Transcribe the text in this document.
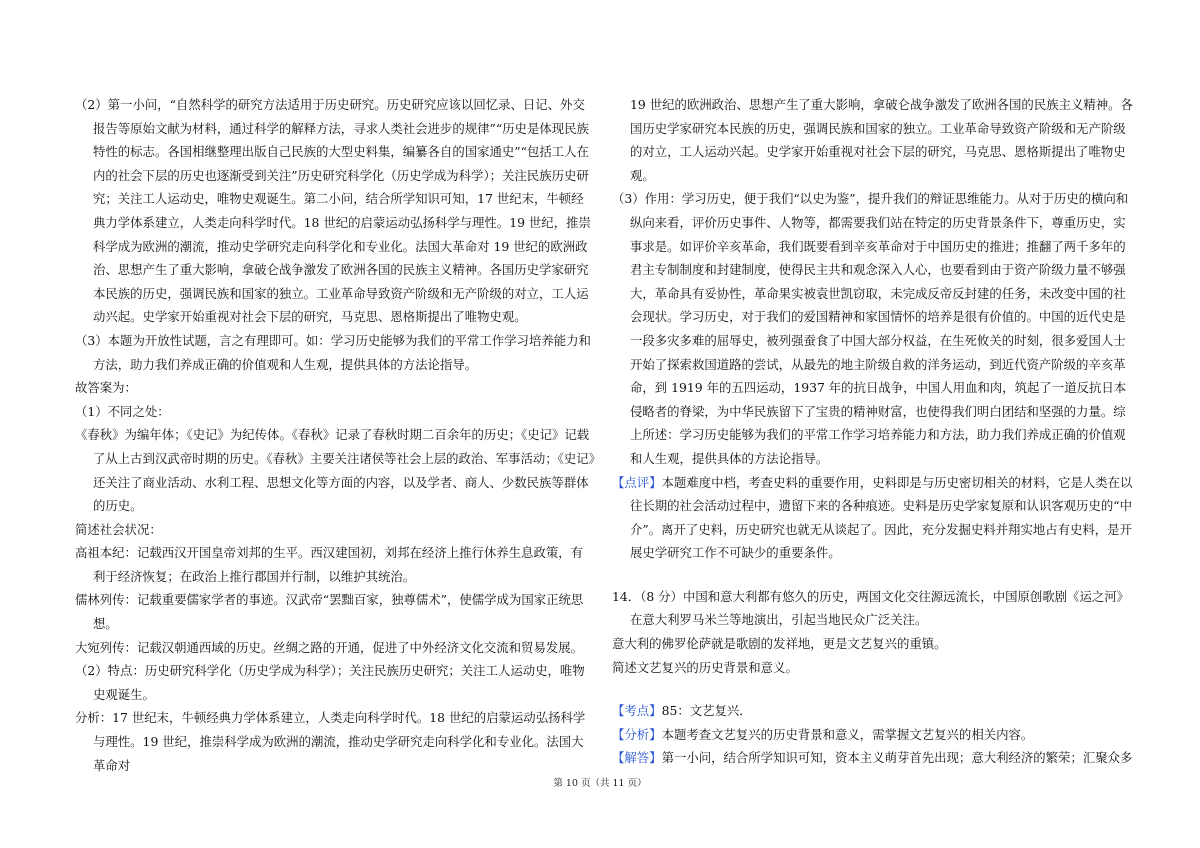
（2）第一小问，“自然科学的研究方法适用于历史研究。历史研究应该以回忆录、日记、外交报告等原始文献为材料，通过科学的解释方法，寻求人类社会进步的规律”“历史是体现民族特性的标志。各国相继整理出版自己民族的大型史料集，编纂各自的国家通史”“包括工人在内的社会下层的历史也逐渐受到关注”历史研究科学化（历史学成为科学）；关注民族历史研究；关注工人运动史，唯物史观诞生。第二小问，结合所学知识可知，17 世纪末，牛顿经典力学体系建立，人类走向科学时代。18 世纪的启蒙运动弘扬科学与理性。19 世纪，推崇科学成为欧洲的潮流，推动史学研究走向科学化和专业化。法国大革命对 19 世纪的欧洲政治、思想产生了重大影响，拿破仑战争激发了欧洲各国的民族主义精神。各国历史学家研究本民族的历史，强调民族和国家的独立。工业革命导致资产阶级和无产阶级的对立，工人运动兴起。史学家开始重视对社会下层的研究，马克思、恩格斯提出了唯物史观。

（3）本题为开放性试题，言之有理即可。如：学习历史能够为我们的平常工作学习培养能力和方法，助力我们养成正确的价值观和人生观，提供具体的方法论指导。

故答案为：

（1）不同之处：

《春秋》为编年体；《史记》为纪传体。《春秋》记录了春秋时期二百余年的历史；《史记》记载了从上古到汉武帝时期的历史。《春秋》主要关注诸侯等社会上层的政治、军事活动；《史记》还关注了商业活动、水利工程、思想文化等方面的内容，以及学者、商人、少数民族等群体的历史。

简述社会状况：

高祖本纪：记载西汉开国皇帝刘邦的生平。西汉建国初，刘邦在经济上推行休养生息政策，有利于经济恢复；在政治上推行郡国并行制，以维护其统治。

儒林列传：记载重要儒家学者的事迹。汉武帝“罢黜百家，独尊儒术”，使儒学成为国家正统思想。

大宛列传：记载汉朝通西域的历史。丝绸之路的开通，促进了中外经济文化交流和贸易发展。

（2）特点：历史研究科学化（历史学成为科学）；关注民族历史研究；关注工人运动史，唯物史观诞生。

分析：17 世纪末，牛顿经典力学体系建立，人类走向科学时代。18 世纪的启蒙运动弘扬科学与理性。19 世纪，推崇科学成为欧洲的潮流，推动史学研究走向科学化和专业化。法国大革命对

19 世纪的欧洲政治、思想产生了重大影响，拿破仑战争激发了欧洲各国的民族主义精神。各国历史学家研究本民族的历史，强调民族和国家的独立。工业革命导致资产阶级和无产阶级的对立，工人运动兴起。史学家开始重视对社会下层的研究，马克思、恩格斯提出了唯物史观。

（3）作用：学习历史，便于我们“以史为鉴”，提升我们的辩证思维能力。从对于历史的横向和纵向来看，评价历史事件、人物等，都需要我们站在特定的历史背景条件下，尊重历史，实事求是。如评价辛亥革命，我们既要看到辛亥革命对于中国历史的推进；推翻了两千多年的君主专制制度和封建制度，使得民主共和观念深入人心，也要看到由于资产阶级力量不够强大，革命具有妥协性，革命果实被袁世凯窃取，未完成反帝反封建的任务，未改变中国的社会现状。学习历史，对于我们的爱国精神和家国情怀的培养是很有价值的。中国的近代史是一段多灾多难的屈辱史，被列强蚕食了中国大部分权益，在生死攸关的时刻，很多爱国人士开始了探索救国道路的尝试，从最先的地主阶级自救的洋务运动，到近代资产阶级的辛亥革命，到 1919 年的五四运动，1937 年的抗日战争，中国人用血和肉，筑起了一道反抗日本侵略者的脊梁，为中华民族留下了宝贵的精神财富，也使得我们明白团结和坚强的力量。综上所述：学习历史能够为我们的平常工作学习培养能力和方法，助力我们养成正确的价值观和人生观，提供具体的方法论指导。

【点评】本题难度中档，考查史料的重要作用，史料即是与历史密切相关的材料，它是人类在以往长期的社会活动过程中，遗留下来的各种痕迹。史料是历史学家复原和认识客观历史的“中介”。离开了史料，历史研究也就无从谈起了。因此，充分发掘史料并翔实地占有史料，是开展史学研究工作不可缺少的重要条件。

14．（8 分）中国和意大利都有悠久的历史，两国文化交往源远流长，中国原创歌剧《运之河》在意大利罗马米兰等地演出，引起当地民众广泛关注。

意大利的佛罗伦萨就是歌剧的发祥地，更是文艺复兴的重镇。

简述文艺复兴的历史背景和意义。

【考点】85：文艺复兴．

【分析】本题考查文艺复兴的历史背景和意义，需掌握文艺复兴的相关内容。

【解答】第一小问，结合所学知识可知，资本主义萌芽首先出现；意大利经济的繁荣；汇聚众多

第 10 页（共 11 页）
